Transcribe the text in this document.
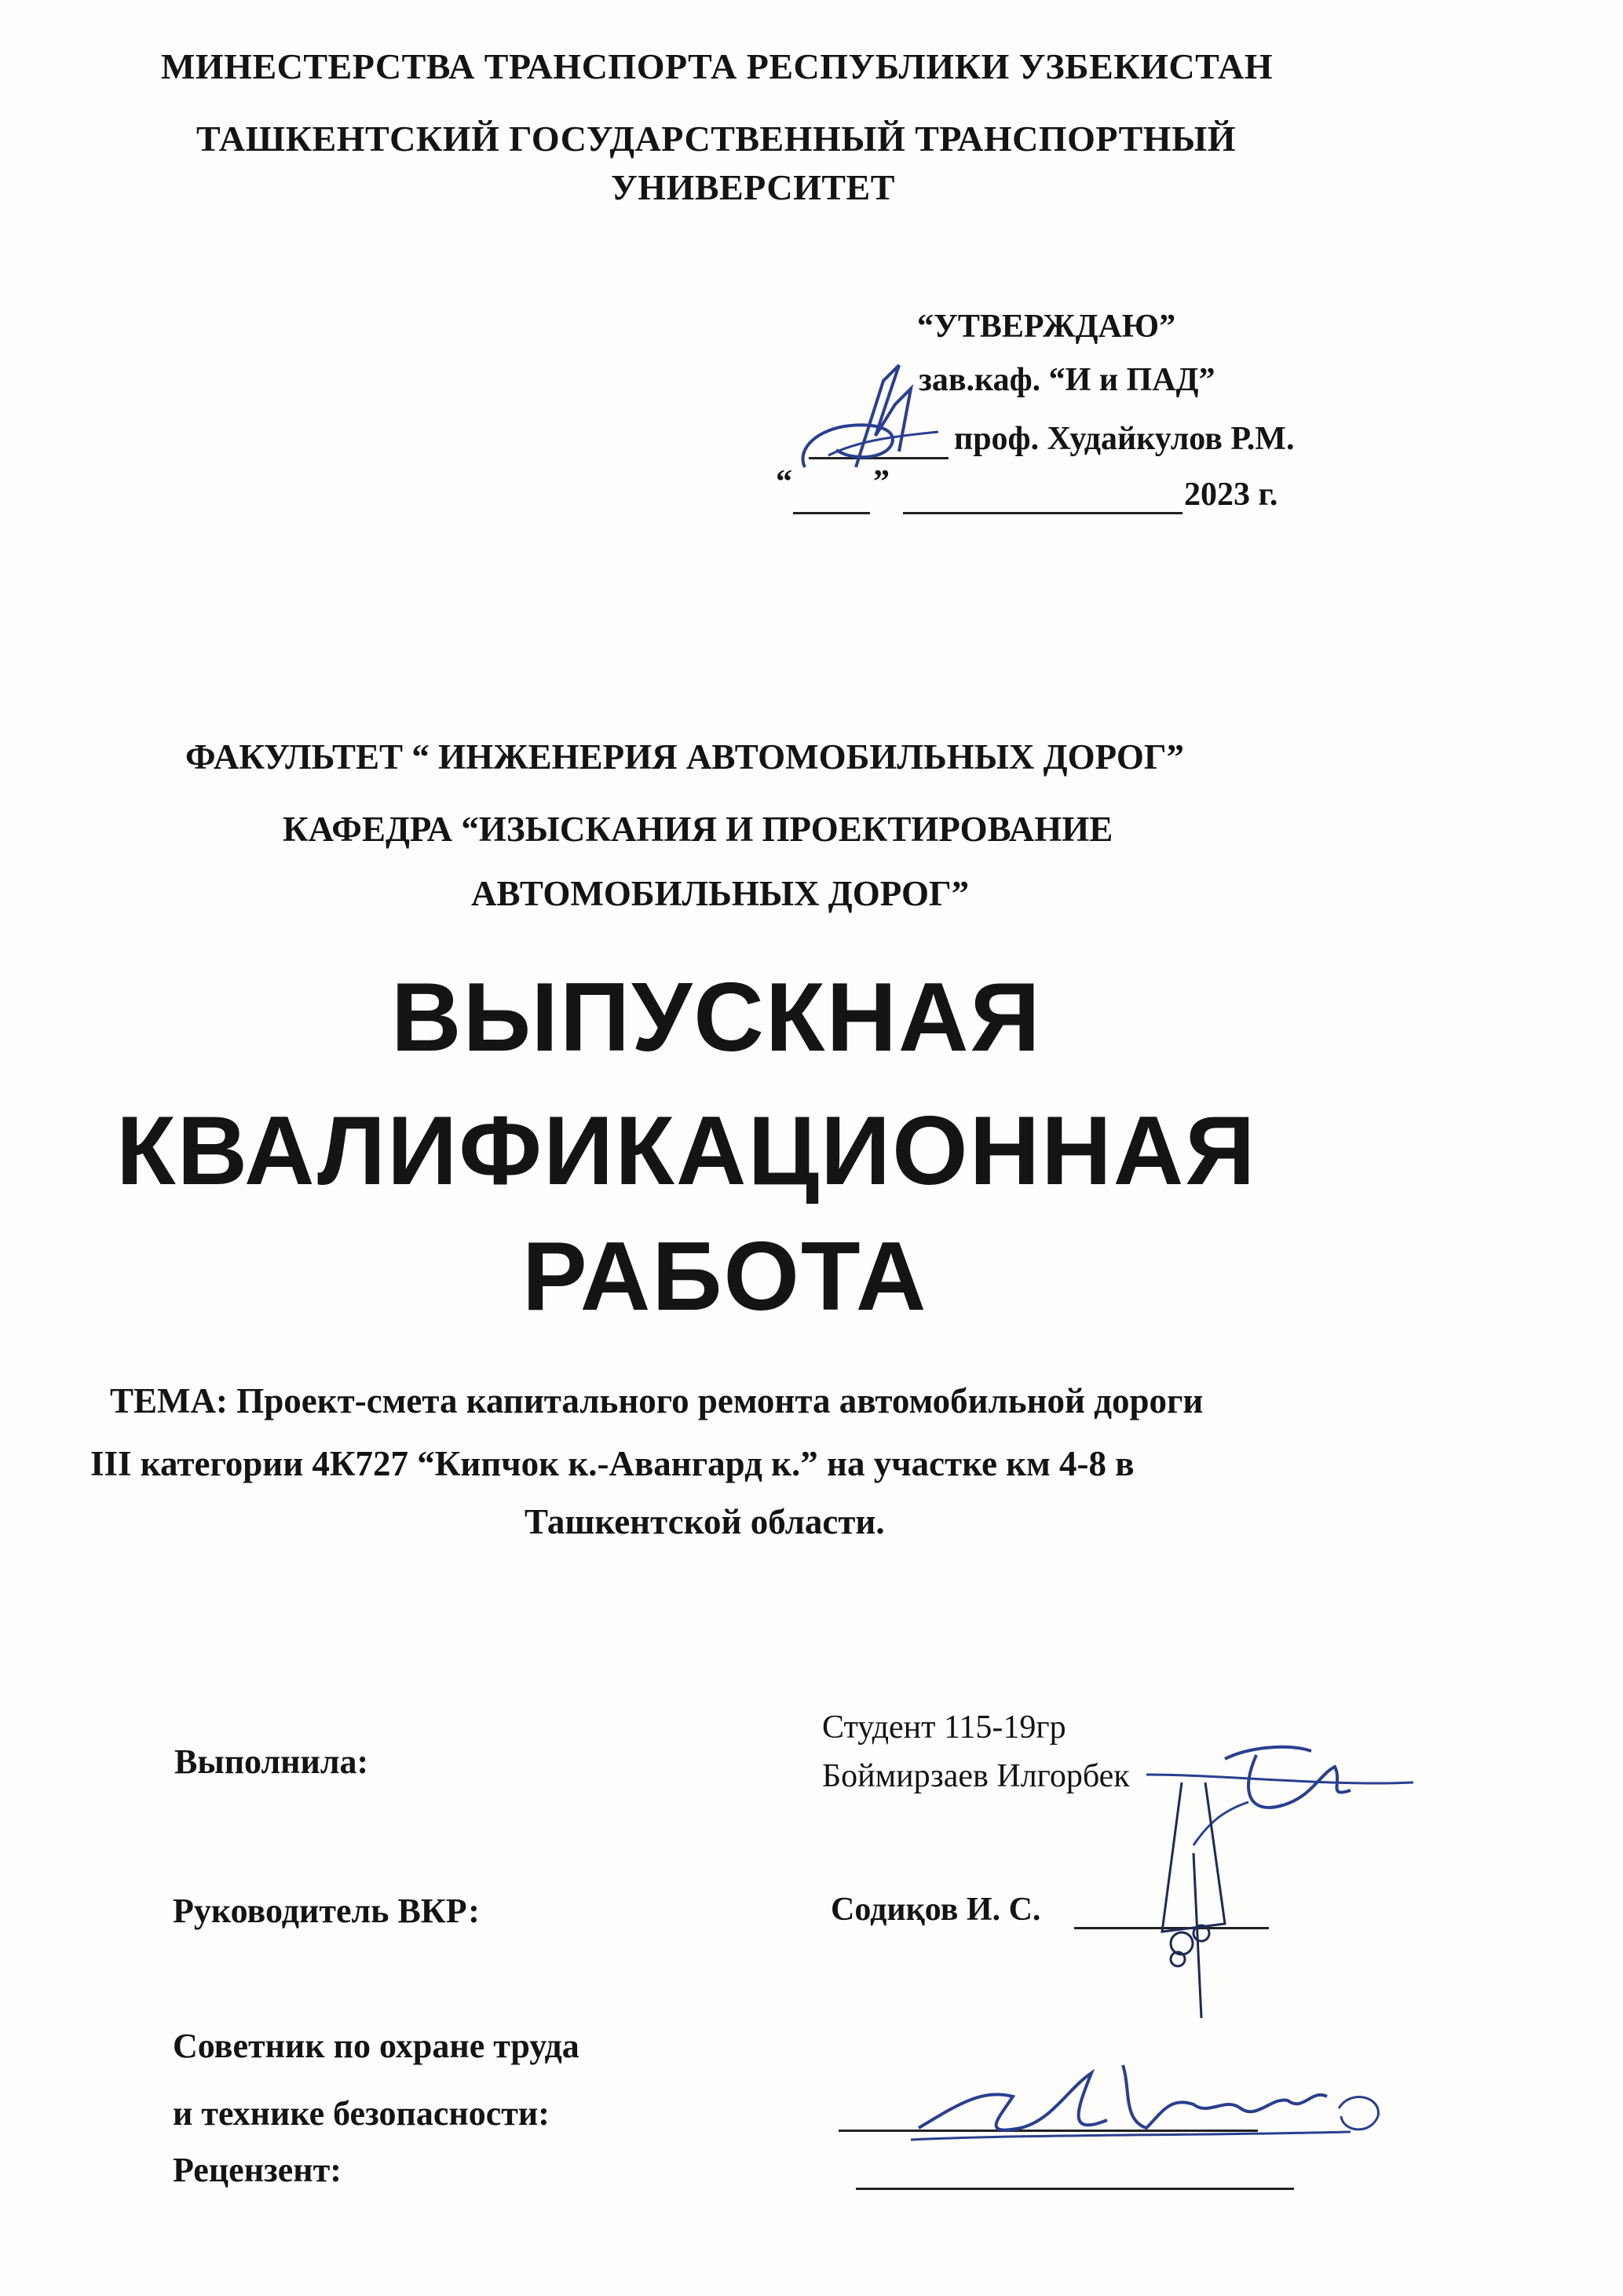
МИНЕСТЕРСТВА ТРАНСПОРТА РЕСПУБЛИКИ УЗБЕКИСТАН
ТАШКЕНТСКИЙ ГОСУДАРСТВЕННЫЙ ТРАНСПОРТНЫЙ
УНИВЕРСИТЕТ
“УТВЕРЖДАЮ”
зав.каф. “И и ПАД”
проф. Худайкулов Р.М.
“ ”	2023 г.
ФАКУЛЬТЕТ “ ИНЖЕНЕРИЯ АВТОМОБИЛЬНЫХ ДОРОГ”
КАФЕДРА “ИЗЫСКАНИЯ И ПРОЕКТИРОВАНИЕ
АВТОМОБИЛЬНЫХ ДОРОГ”
ВЫПУСКНАЯ
КВАЛИФИКАЦИОННАЯ
РАБОТА
ТЕМА: Проект-смета капитального ремонта автомобильной дороги
III категории 4К727 “Кипчок к.-Авангард к.” на участке км 4-8 в
Ташкентской области.
Выполнила:
Студент 115-19гр
Боймирзаев Илгорбек
Руководитель ВКР:	Содиқов И. С.
Советник по охране труда
и технике безопасности:
Рецензент:
